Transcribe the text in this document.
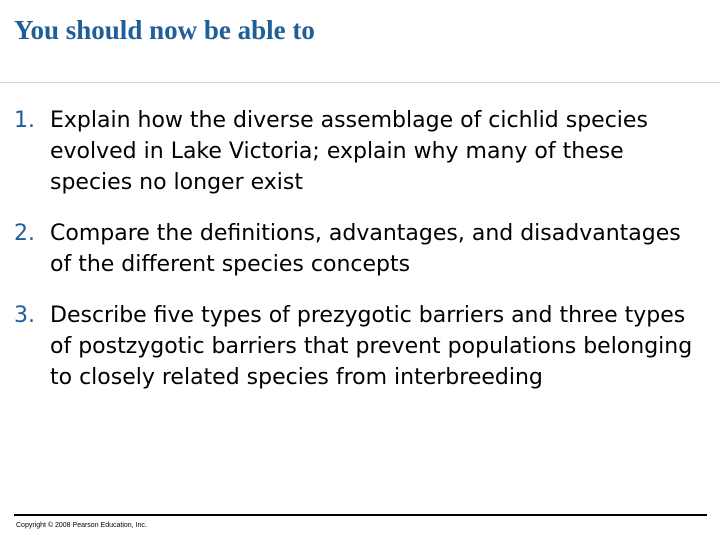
You should now be able to
1. Explain how the diverse assemblage of cichlid species evolved in Lake Victoria; explain why many of these species no longer exist
2. Compare the definitions, advantages, and disadvantages of the different species concepts
3. Describe five types of prezygotic barriers and three types of postzygotic barriers that prevent populations belonging to closely related species from interbreeding
Copyright © 2008 Pearson Education, Inc.
